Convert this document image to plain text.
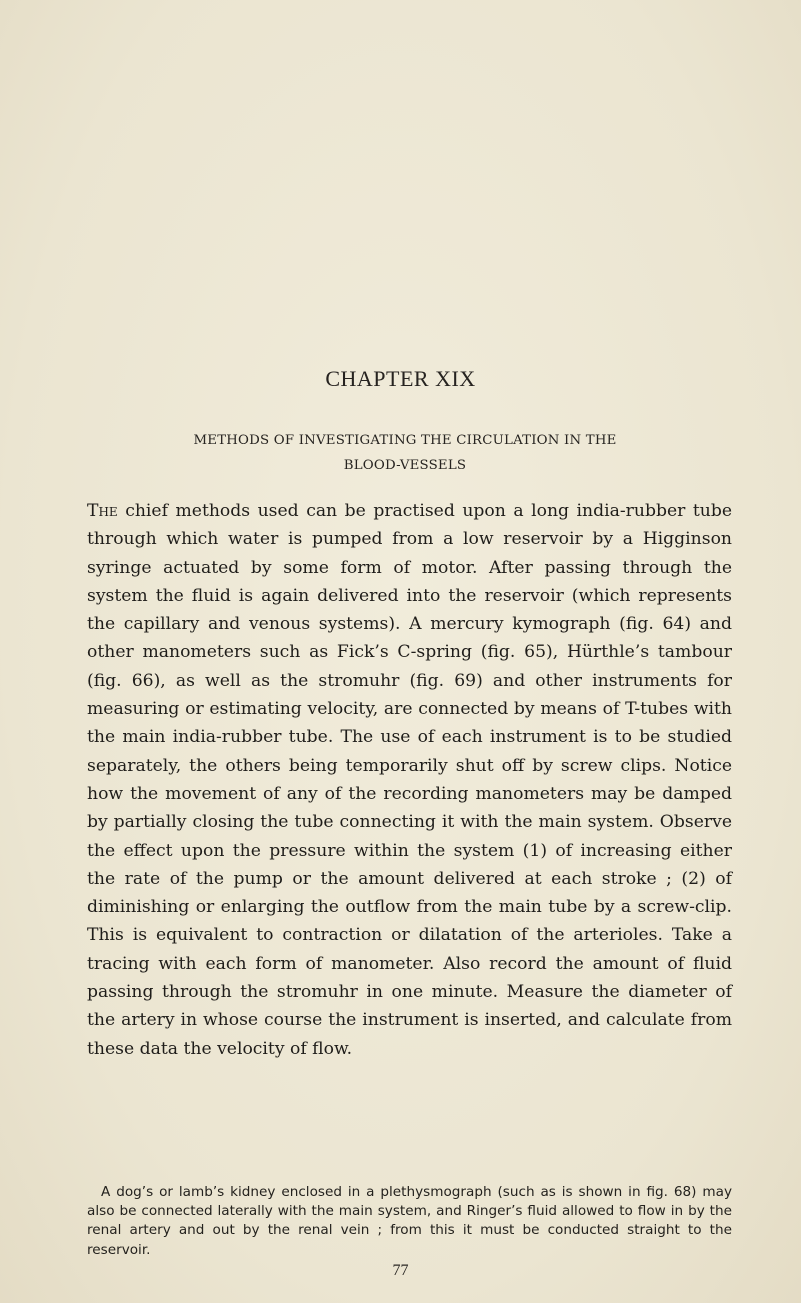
CHAPTER XIX
METHODS OF INVESTIGATING THE CIRCULATION IN THE
BLOOD-VESSELS

The chief methods used can be practised upon a long india-rubber tube through which water is pumped from a low reservoir by a Higginson syringe actuated by some form of motor. After passing through the system the fluid is again delivered into the reservoir (which represents the capillary and venous systems). A mercury kymograph (fig. 64) and other manometers such as Fick’s C-spring (fig. 65), Hürthle’s tambour (fig. 66), as well as the stromuhr (fig. 69) and other instruments for measuring or estimating velocity, are connected by means of T-tubes with the main india-rubber tube. The use of each instrument is to be studied separately, the others being temporarily shut off by screw clips. Notice how the movement of any of the recording manometers may be damped by partially closing the tube connecting it with the main system. Observe the effect upon the pressure within the system (1) of increasing either the rate of the pump or the amount delivered at each stroke ; (2) of diminishing or enlarging the outflow from the main tube by a screw-clip. This is equivalent to contraction or dilatation of the arterioles. Take a tracing with each form of manometer. Also record the amount of fluid passing through the stromuhr in one minute. Measure the diameter of the artery in whose course the instrument is inserted, and calculate from these data the velocity of flow.

A dog’s or lamb’s kidney enclosed in a plethysmograph (such as is shown in fig. 68) may also be connected laterally with the main system, and Ringer’s fluid allowed to flow in by the renal artery and out by the renal vein ; from this it must be conducted straight to the reservoir.

77
